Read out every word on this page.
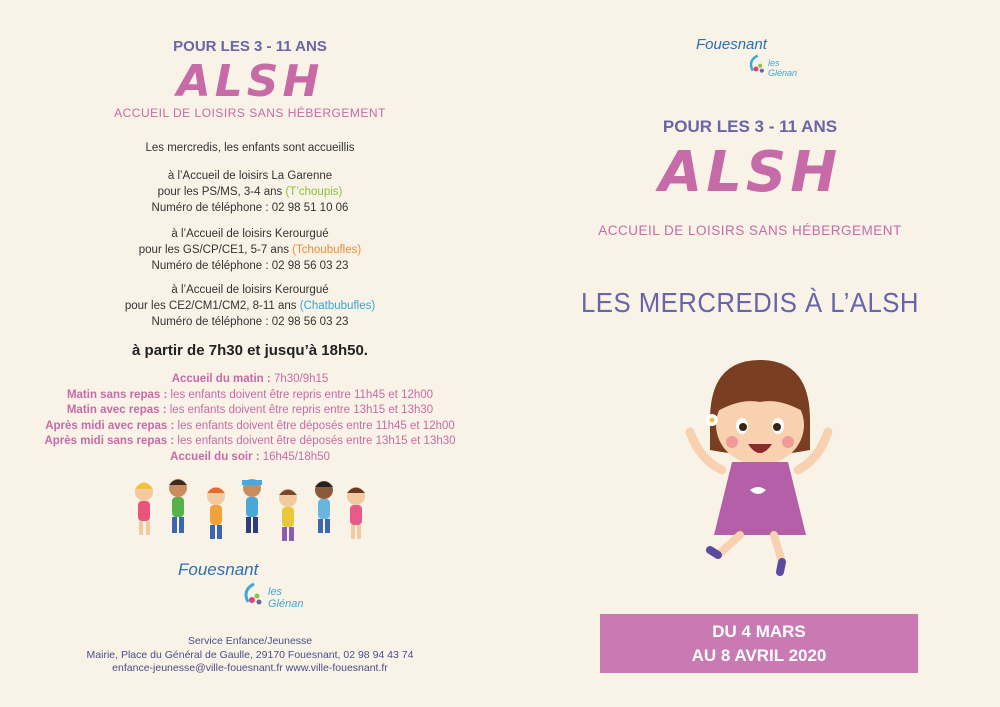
POUR LES 3 - 11 ANS
ALSH
ACCUEIL DE LOISIRS SANS HÉBERGEMENT
Les mercredis, les enfants sont accueillis
à l’Accueil de loisirs La Garenne
pour les PS/MS, 3-4 ans (T’choupis)
Numéro de téléphone : 02 98 51 10 06
à l’Accueil de loisirs Kerourgué
pour les GS/CP/CE1, 5-7 ans (Tchoubufles)
Numéro de téléphone : 02 98 56 03 23
à l’Accueil de loisirs Kerourgué
pour les CE2/CM1/CM2, 8-11 ans (Chatbubufles)
Numéro de téléphone : 02 98 56 03 23
à partir de 7h30 et jusqu’à 18h50.
Accueil du matin : 7h30/9h15
Matin sans repas : les enfants doivent être repris entre 11h45 et 12h00
Matin avec repas : les enfants doivent être repris entre 13h15 et 13h30
Après midi avec repas : les enfants doivent être déposés entre 11h45 et 12h00
Après midi sans repas : les enfants doivent être déposés entre 13h15 et 13h30
Accueil du soir : 16h45/18h50
Fouesnant
les Glénan
Service Enfance/Jeunesse
Mairie, Place du Général de Gaulle, 29170 Fouesnant, 02 98 94 43 74
enfance-jeunesse@ville-fouesnant.fr www.ville-fouesnant.fr
Fouesnant
les Glénan
POUR LES 3 - 11 ANS
ALSH
ACCUEIL DE LOISIRS SANS HÉBERGEMENT
LES MERCREDIS À L’ALSH
DU 4 MARS
AU 8 AVRIL 2020
